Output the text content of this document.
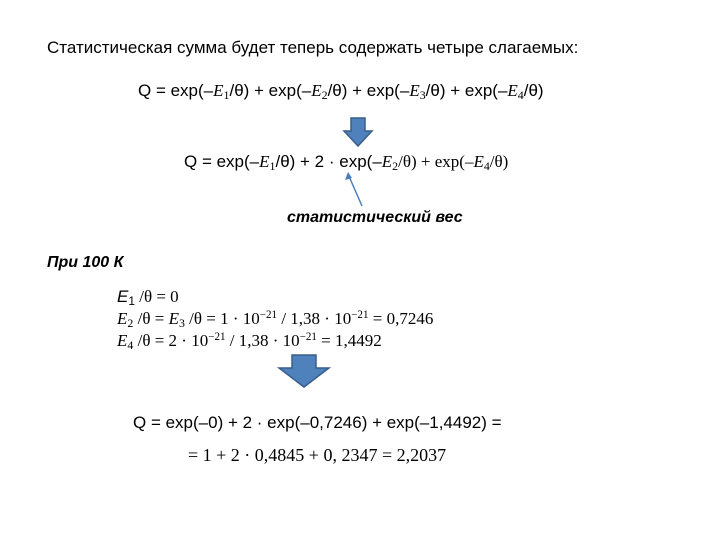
Статистическая сумма будет теперь содержать четыре слагаемых:
$Q = \exp(-E_1/\theta) + \exp(-E_2/\theta) + \exp(-E_3/\theta) + \exp(-E_4/\theta)$
$Q = \exp(-E_1/\theta) + 2 \cdot \exp(-E_2/\theta) + \exp(-E_4/\theta)$
статистический вес
При 100 К
$E_1$ /θ = 0
$E_2$ $/\theta = E_3$ $/\theta = 1 \cdot 10^{-21} / 1,38 \cdot 10^{-21} = 0,7246$
$E_4$ $/\theta = 2 \cdot 10^{-21} / 1,38 \cdot 10^{-21} = 1,4492$
Q = exp(–0) + 2 · exp(–0,7246) + exp(–1,4492) =
= 1 + 2 · 0,4845 + 0, 2347 = 2,2037
